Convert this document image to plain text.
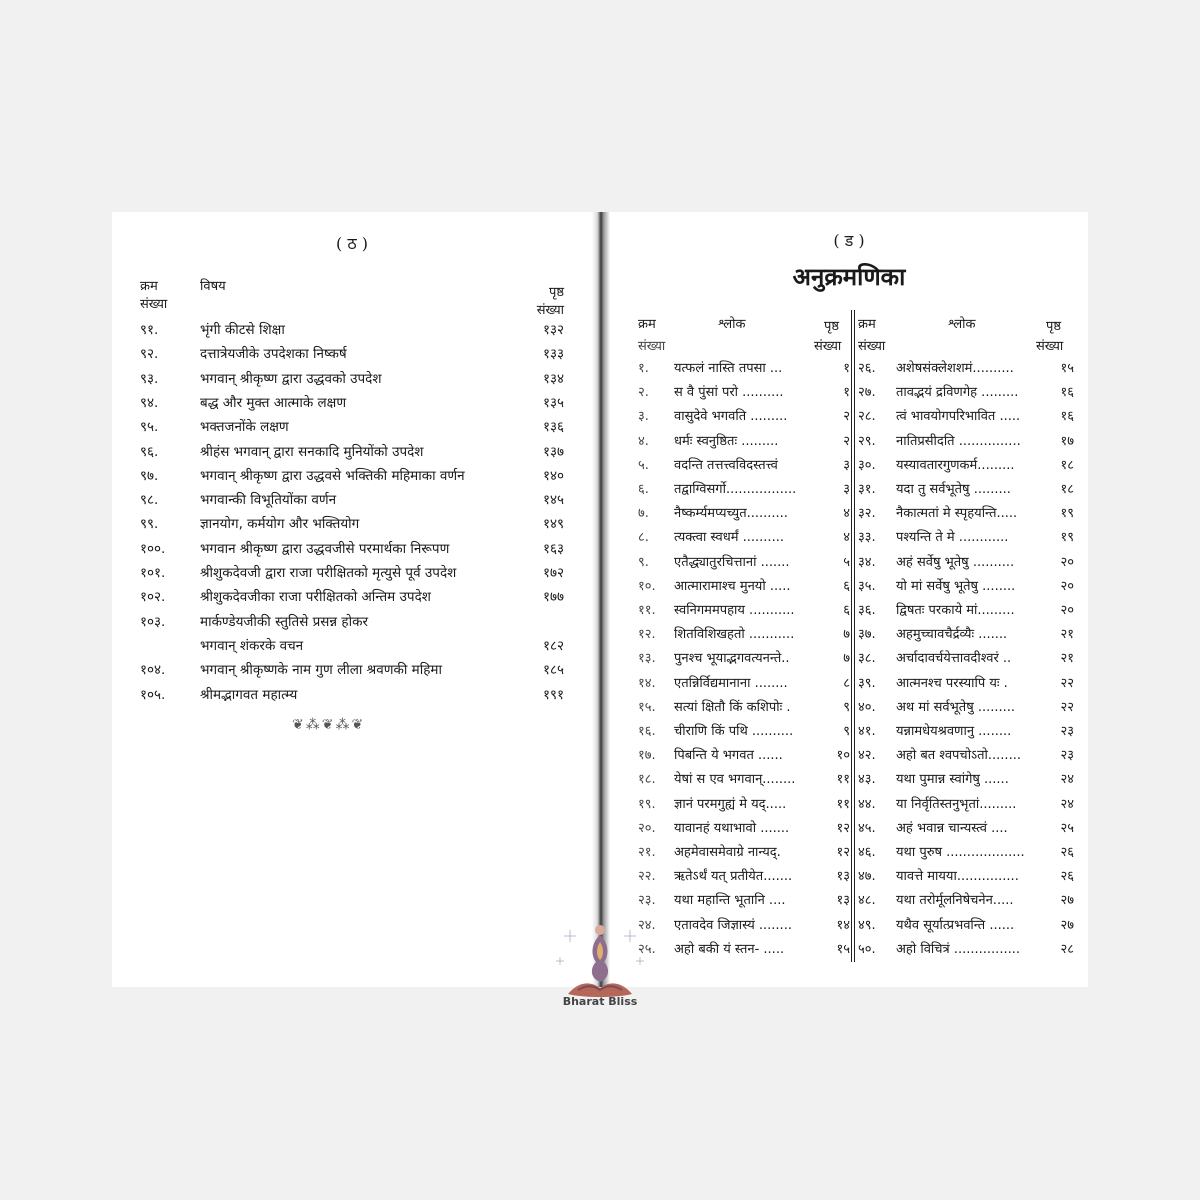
( ठ )
क्रम
संख्या
विषय	पृष्ठ
संख्या
९१.	भृंगी कीटसे शिक्षा	१३२
९२.	दत्तात्रेयजीके उपदेशका निष्कर्ष	१३३
९३.	भगवान् श्रीकृष्ण द्वारा उद्धवको उपदेश	१३४
९४.	बद्ध और मुक्त आत्माके लक्षण	१३५
९५.	भक्तजनोंके लक्षण	१३६
९६.	श्रीहंस भगवान् द्वारा सनकादि मुनियोंको उपदेश	१३७
९७.	भगवान् श्रीकृष्ण द्वारा उद्धवसे भक्तिकी महिमाका वर्णन	१४०
९८.	भगवान्की विभूतियोंका वर्णन	१४५
९९.	ज्ञानयोग, कर्मयोग और भक्तियोग	१४९
१००.	भगवान श्रीकृष्ण द्वारा उद्धवजीसे परमार्थका निरूपण	१६३
१०१.	श्रीशुकदेवजी द्वारा राजा परीक्षितको मृत्युसे पूर्व उपदेश	१७२
१०२.	श्रीशुकदेवजीका राजा परीक्षितको अन्तिम उपदेश	१७७
१०३.	मार्कण्डेयजीकी स्तुतिसे प्रसन्न होकर
भगवान् शंकरके वचन	१८२
१०४.	भगवान् श्रीकृष्णके नाम गुण लीला श्रवणकी महिमा	१८५
१०५.	श्रीमद्भागवत महात्म्य	१९१
❦⁂❦⁂❦
( ड )
अनुक्रमणिका
क्रम
संख्या
श्लोक	पृष्ठ
संख्या
क्रम
संख्या
श्लोक	पृष्ठ
संख्या
१. यत्फलं नास्ति तपसा ...	१ २६. अशेषसंक्लेशशमं..........	१५
२. स वै पुंसां परो ..........	१ २७. तावद्भयं द्रविणगेह .........	१६
३. वासुदेवे भगवति .........	२ २८. त्वं भावयोगपरिभावित .....	१६
४. धर्मः स्वनुष्ठितः .........	२ २९. नातिप्रसीदति ...............	१७
५. वदन्ति तत्तत्त्वविदस्तत्त्वं	३ ३०. यस्यावतारगुणकर्म.........	१८
६. तद्वाग्विसर्गो.................	३ ३१. यदा तु सर्वभूतेषु .........	१८
७. नैष्कर्म्यमप्यच्युत..........	४ ३२. नैकात्मतां मे स्पृहयन्ति.....	१९
८. त्यक्त्वा स्वधर्मं ..........	४ ३३. पश्यन्ति ते मे ............	१९
९. एतैद्ध्यातुरचित्तानां .......	५ ३४. अहं सर्वेषु भूतेषु ..........	२०
१०. आत्मारामाश्च मुनयो .....	६ ३५. यो मां सर्वेषु भूतेषु ........	२०
११. स्वनिगममपहाय ...........	६ ३६. द्विषतः परकाये मां.........	२०
१२. शितविशिखहतो ...........	७ ३७. अहमुच्चावचैर्द्रव्यैः .......	२१
१३. पुनश्च भूयाद्भगवत्यनन्ते..	७ ३८. अर्चादावर्चयेत्तावदीश्वरं ..	२१
१४. एतन्निर्विद्यमानाना ........	८ ३९. आत्मनश्च परस्यापि यः .	२२
१५. सत्यां क्षितौ किं कशिपोः .	९ ४०. अथ मां सर्वभूतेषु .........	२२
१६. चीराणि किं पथि ..........	९ ४१. यन्नामधेयश्रवणानु ........	२३
१७. पिबन्ति ये भगवत ......	१० ४२. अहो बत श्वपचोऽतो........	२३
१८. येषां स एव भगवान्........	११ ४३. यथा पुमान्न स्वांगेषु ......	२४
१९. ज्ञानं परमगुह्यं मे यद्.....	११ ४४. या निर्वृतिस्तनुभृतां.........	२४
२०. यावानहं यथाभावो .......	१२ ४५. अहं भवान्न चान्यस्त्वं ....	२५
२१. अहमेवासमेवाग्रे नान्यद्.	१२ ४६. यथा पुरुष ...................	२६
२२. ऋतेऽर्थं यत् प्रतीयेत.......	१३ ४७. यावत्ते मायया...............	२६
२३. यथा महान्ति भूतानि ....	१३ ४८. यथा तरोर्मूलनिषेचनेन.....	२७
२४. एतावदेव जिज्ञास्यं ........	१४ ४९. यथैव सूर्यात्प्रभवन्ति ......	२७
२५. अहो बकी यं स्तन- .....	१५ ५०. अहो विचित्रं ................	२८
Bharat Bliss
